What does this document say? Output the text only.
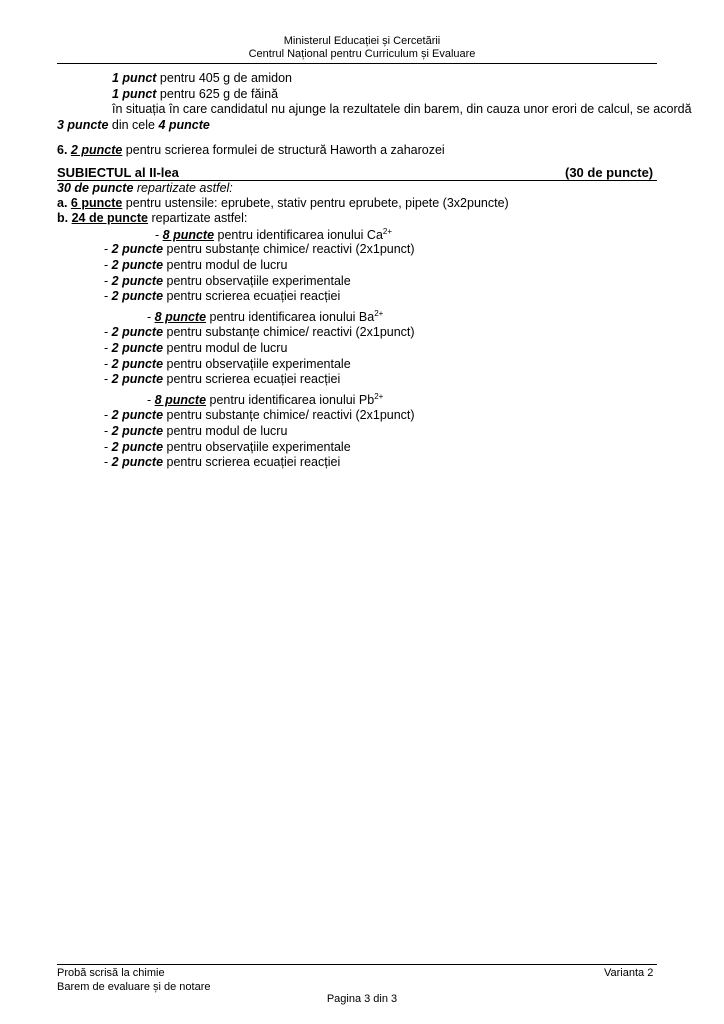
Ministerul Educației și Cercetării
Centrul Național pentru Curriculum și Evaluare
1 punct pentru 405 g de amidon
1 punct pentru 625 g de făină
în situația în care candidatul nu ajunge la rezultatele din barem, din cauza unor erori de calcul, se acordă
3 puncte din cele 4 puncte
6. 2 puncte pentru scrierea formulei de structură Haworth a zaharozei
SUBIECTUL al II-lea	(30 de puncte)
30 de puncte repartizate astfel:
a. 6 puncte pentru ustensile: eprubete, stativ pentru eprubete, pipete (3x2puncte)
b. 24 de puncte repartizate astfel:
- 8 puncte pentru identificarea ionului $Ca^{2+}$
- 2 puncte pentru substanțe chimice/ reactivi (2x1punct)
- 2 puncte pentru modul de lucru
- 2 puncte pentru observațiile experimentale
- 2 puncte pentru scrierea ecuației reacției
- 8 puncte pentru identificarea ionului $Ba^{2+}$
- 2 puncte pentru substanțe chimice/ reactivi (2x1punct)
- 2 puncte pentru modul de lucru
- 2 puncte pentru observațiile experimentale
- 2 puncte pentru scrierea ecuației reacției
- 8 puncte pentru identificarea ionului $Pb^{2+}$
- 2 puncte pentru substanțe chimice/ reactivi (2x1punct)
- 2 puncte pentru modul de lucru
- 2 puncte pentru observațiile experimentale
- 2 puncte pentru scrierea ecuației reacției
Probă scrisă la chimie
Barem de evaluare și de notare
Varianta 2
Pagina 3 din 3
